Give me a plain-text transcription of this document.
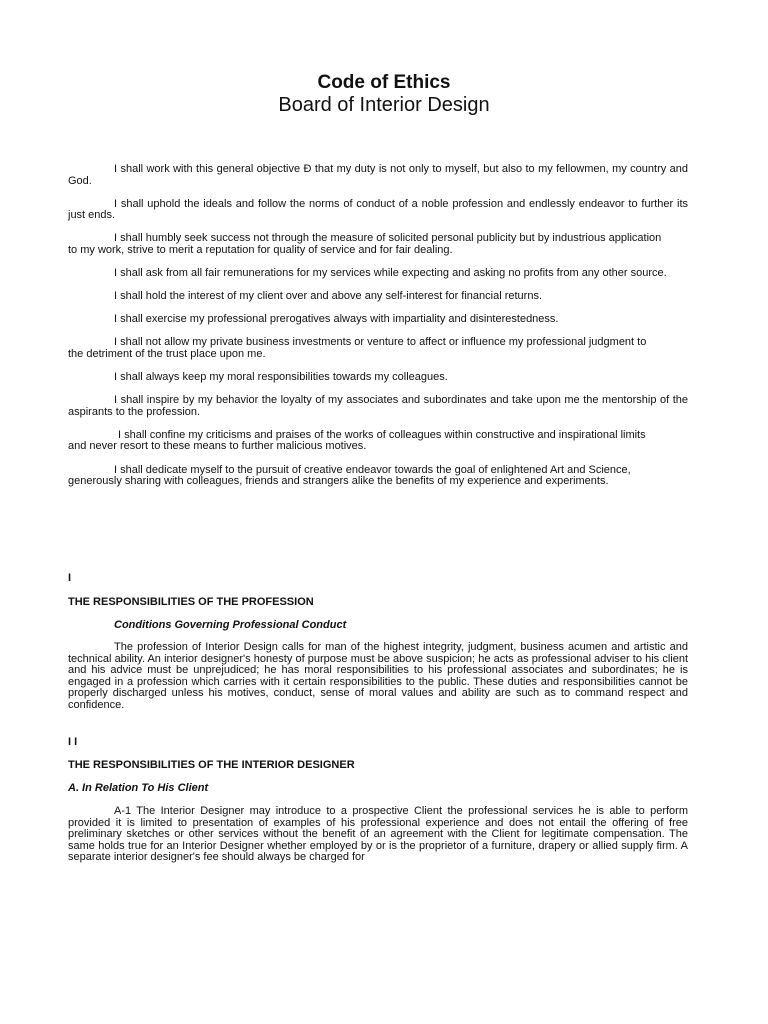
Code of Ethics
Board of Interior Design

I shall work with this general objective Ð that my duty is not only to myself, but also to my fellowmen, my country and God.

I shall uphold the ideals and follow the norms of conduct of a noble profession and endlessly endeavor to further its just ends.

I shall humbly seek success not through the measure of solicited personal publicity but by industrious application
to my work, strive to merit a reputation for quality of service and for fair dealing.

I shall ask from all fair remunerations for my services while expecting and asking no profits from any other source.

I shall hold the interest of my client over and above any self-interest for financial returns.

I shall exercise my professional prerogatives always with impartiality and disinterestedness.

I shall not allow my private business investments or venture to affect or influence my professional judgment to
the detriment of the trust place upon me.

I shall always keep my moral responsibilities towards my colleagues.

I shall inspire by my behavior the loyalty of my associates and subordinates and take upon me the mentorship of the aspirants to the profession.

I shall confine my criticisms and praises of the works of colleagues within constructive and inspirational limits
and never resort to these means to further malicious motives.

I shall dedicate myself to the pursuit of creative endeavor towards the goal of enlightened Art and Science,
generously sharing with colleagues, friends and strangers alike the benefits of my experience and experiments.

I
THE RESPONSIBILITIES OF THE PROFESSION
Conditions Governing Professional Conduct

The profession of Interior Design calls for man of the highest integrity, judgment, business acumen and artistic and technical ability. An interior designer's honesty of purpose must be above suspicion; he acts as professional adviser to his client and his advice must be unprejudiced; he has moral responsibilities to his professional associates and subordinates; he is engaged in a profession which carries with it certain responsibilities to the public. These duties and responsibilities cannot be properly discharged unless his motives, conduct, sense of moral values and ability are such as to command respect and confidence.

I I
THE RESPONSIBILITIES OF THE INTERIOR DESIGNER
A. In Relation To His Client

A-1 The Interior Designer may introduce to a prospective Client the professional services he is able to perform provided it is limited to presentation of examples of his professional experience and does not entail the offering of free preliminary sketches or other services without the benefit of an agreement with the Client for legitimate compensation. The same holds true for an Interior Designer whether employed by or is the proprietor of a furniture, drapery or allied supply firm. A separate interior designer's fee should always be charged for
